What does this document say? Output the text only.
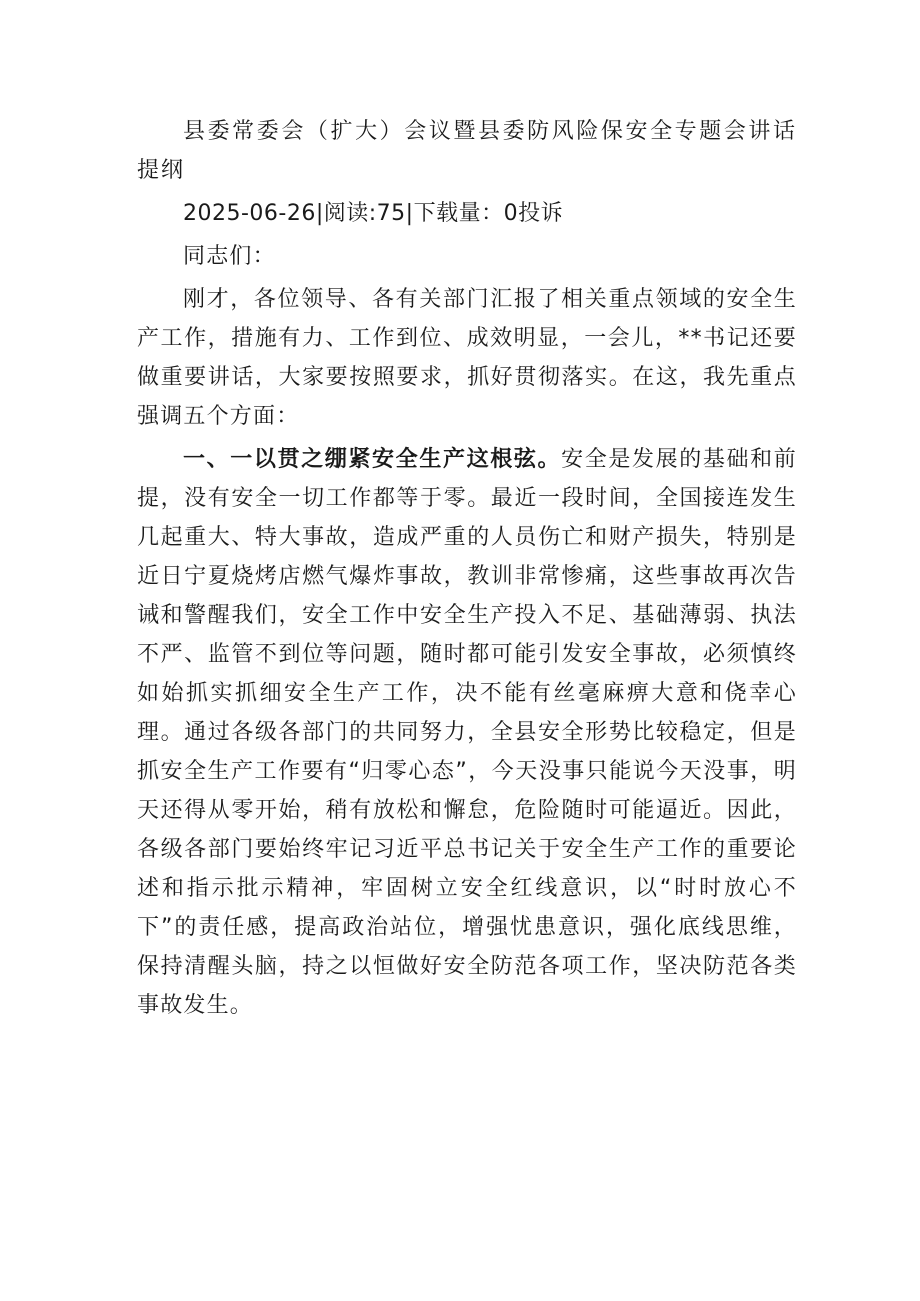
县委常委会（扩大）会议暨县委防风险保安全专题会讲话提纲

2025-06-26|阅读:75|下载量：0投诉

同志们：

刚才，各位领导、各有关部门汇报了相关重点领域的安全生产工作，措施有力、工作到位、成效明显，一会儿，**书记还要做重要讲话，大家要按照要求，抓好贯彻落实。在这，我先重点强调五个方面：

一、一以贯之绷紧安全生产这根弦。安全是发展的基础和前提，没有安全一切工作都等于零。最近一段时间，全国接连发生几起重大、特大事故，造成严重的人员伤亡和财产损失，特别是近日宁夏烧烤店燃气爆炸事故，教训非常惨痛，这些事故再次告诫和警醒我们，安全工作中安全生产投入不足、基础薄弱、执法不严、监管不到位等问题，随时都可能引发安全事故，必须慎终如始抓实抓细安全生产工作，决不能有丝毫麻痹大意和侥幸心理。通过各级各部门的共同努力，全县安全形势比较稳定，但是抓安全生产工作要有“归零心态”，今天没事只能说今天没事，明天还得从零开始，稍有放松和懈怠，危险随时可能逼近。因此，各级各部门要始终牢记习近平总书记关于安全生产工作的重要论述和指示批示精神，牢固树立安全红线意识，以“时时放心不下”的责任感，提高政治站位，增强忧患意识，强化底线思维，保持清醒头脑，持之以恒做好安全防范各项工作，坚决防范各类事故发生。
